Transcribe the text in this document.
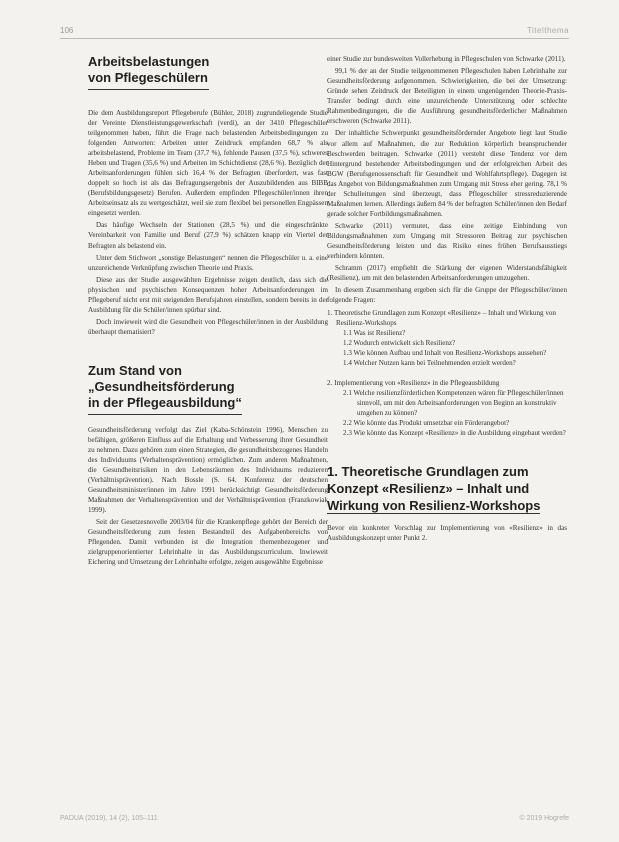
106	Titelthema
Arbeitsbelastungen
von Pflegeschülern

Die dem Ausbildungsreport Pflegeberufe (Bühler, 2018) zugrundeliegende Studie der Vereinte Dienstleistungsgewerkschaft (verdi), an der 3410 Pflegeschüler teilgenommen haben, führt die Frage nach belastenden Arbeitsbedingungen zu folgenden Antworten: Arbeiten unter Zeitdruck empfanden 68,7 % als arbeitsbelastend, Probleme im Team (37,7 %), fehlende Pausen (37,5 %), schweres Heben und Tragen (35,6 %) und Arbeiten im Schichtdienst (28,6 %). Bezüglich der Arbeitsanforderungen fühlen sich 16,4 % der Befragten überfordert, was fast doppelt so hoch ist als das Befragungsergebnis der Auszubildenden aus BIBB (Berufsbildungsgesetz) Berufen. Außerdem empfinden Pflegeschüler/innen ihren Arbeitseinsatz als zu wertgeschätzt, weil sie zum flexibel bei personellen Engpässen eingesetzt werden.

Das häufige Wechseln der Stationen (28,5 %) und die eingeschränkte Vereinbarkeit von Familie und Beruf (27,9 %) schätzen knapp ein Viertel der Befragten als belastend ein.

Unter dem Stichwort „sonstige Belastungen“ nennen die Pflegeschüler u. a. eine unzureichende Verknüpfung zwischen Theorie und Praxis.

Diese aus der Studie ausgewählten Ergebnisse zeigen deutlich, dass sich die physischen und psychischen Konsequenzen hoher Arbeitsanforderungen im Pflegeberuf nicht erst mit steigenden Berufsjahren einstellen, sondern bereits in der Ausbildung für die Schüler/innen spürbar sind.

Doch inwieweit wird die Gesundheit von Pflegeschüler/innen in der Ausbildung überhaupt thematisiert?

Zum Stand von
„Gesundheitsförderung
in der Pflegeausbildung“

Gesundheitsförderung verfolgt das Ziel (Kaba-Schönstein 1996), Menschen zu befähigen, größeren Einfluss auf die Erhaltung und Verbesserung ihrer Gesundheit zu nehmen. Dazu gehören zum einen Strategien, die gesundheitsbezogenes Handeln des Individuums (Verhaltensprävention) ermöglichen. Zum anderen Maßnahmen, die Gesundheitsrisiken in den Lebensräumen des Individuums reduzieren (Verhältnisprävention). Nach Bossle (S. 64. Konferenz der deutschen Gesundheitsminister/innen im Jahre 1991 berücksichtigt Gesundheitsförderung Maßnahmen der Verhaltensprävention und der Verhältnisprävention (Franzkowiak 1999).

Seit der Gesetzesnovelle 2003/04 für die Krankenpflege gehört der Bereich der Gesundheitsförderung zum festen Bestandteil des Aufgabenbereichs von Pflegenden. Damit verbunden ist die Integration themenbezogener und zielgruppenorientierter Lehrinhalte in das Ausbildungscurriculum. Inwieweit Eichering und Umsetzung der Lehrinhalte erfolgte, zeigen ausgewählte Ergebnisse

einer Studie zur bundesweiten Vollerhebung in Pflegeschulen von Schwarke (2011).

99,1 % der an der Studie teilgenommenen Pflegeschulen haben Lehrinhalte zur Gesundheitsförderung aufgenommen. Schwierigkeiten, die bei der Umsetzung: Gründe sehen Zeitdruck der Beteiligten in einem ungenügenden Theorie-Praxis-Transfer bedingt durch eine unzureichende Unterstützung oder schlechte Rahmenbedingungen, die die Ausführung gesundheitsförderlicher Maßnahmen erschweren (Schwarke 2011).

Der inhaltliche Schwerpunkt gesundheitsfördernder Angebote liegt laut Studie vor allem auf Maßnahmen, die zur Reduktion körperlich beanspruchender Beschwerden beitragen. Schwarke (2011) versteht diese Tendenz vor dem Hintergrund bestehender Arbeitsbedingungen und der erfolgreichen Arbeit des BGW (Berufsgenossenschaft für Gesundheit und Wohlfahrtspflege). Dagegen ist das Angebot von Bildungsmaßnahmen zum Umgang mit Stress eher gering. 78,1 % der Schulleitungen sind überzeugt, dass Pflegeschüler stressreduzierende Maßnahmen lernen. Allerdings äußern 84 % der befragten Schüler/innen den Bedarf gerade solcher Fortbildungsmaßnahmen.

Schwarke (2011) vermutet, dass eine zeitige Einbindung von Bildungsmaßnahmen zum Umgang mit Stressoren Beitrag zur psychischen Gesundheitsförderung leisten und das Risiko eines frühen Berufsausstiegs verhindern könnten.

Schramm (2017) empfiehlt die Stärkung der eigenen Widerstandsfähigkeit (Resilienz), um mit den belastenden Arbeitsanforderungen umzugehen.

In diesem Zusammenhang ergeben sich für die Gruppe der Pflegeschüler/innen folgende Fragen:

1. Theoretische Grundlagen zum Konzept «Resilienz» – Inhalt und Wirkung von Resilienz-Workshops
1.1 Was ist Resilienz?
1.2 Wodurch entwickelt sich Resilienz?
1.3 Wie können Aufbau und Inhalt von Resilienz-Workshops aussehen?
1.4 Welcher Nutzen kann bei Teilnehmenden erzielt werden?
2. Implementierung von «Resilienz» in die Pflegeausbildung
2.1 Welche resilienzförderlichen Kompetenzen wären für Pflegeschüler/innen sinnvoll, um mit den Arbeitsanforderungen von Beginn an konstruktiv umgehen zu können?
2.2 Wie könnte das Produkt umsetzbar ein Förderangebot?
2.3 Wie könnte das Konzept «Resilienz» in die Ausbildung eingebaut werden?
1. Theoretische Grundlagen zum
Konzept «Resilienz» – Inhalt und
Wirkung von Resilienz-Workshops

Bevor ein konkreter Vorschlag zur Implementierung von «Resilienz» in das Ausbildungskonzept unter Punkt 2.

PADUA (2019), 14 (2), 105–111	© 2019 Hogrefe
